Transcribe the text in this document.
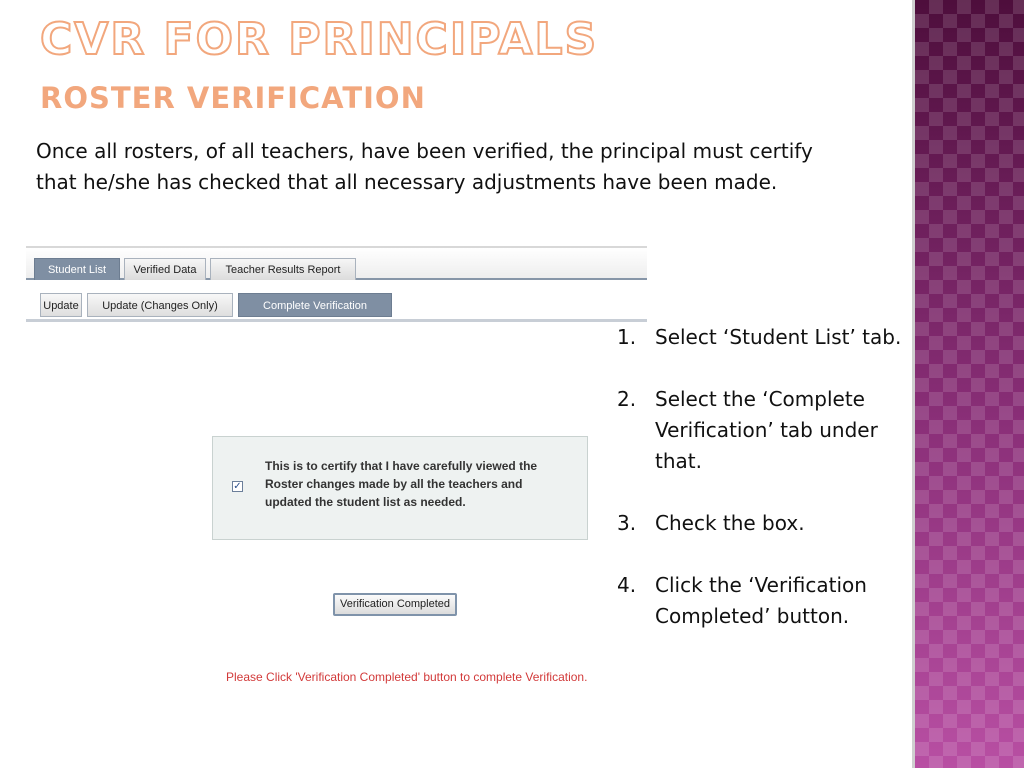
CVR FOR PRINCIPALS
ROSTER VERIFICATION
Once all rosters, of all teachers, have been verified, the principal must certify that he/she has checked that all necessary adjustments have been made.
Student List	Verified Data	Teacher Results Report
Update	Update (Changes Only)	Complete Verification
✓
This is to certify that I have carefully viewed the Roster changes made by all the teachers and updated the student list as needed.
Verification Completed
Please Click 'Verification Completed' button to complete Verification.
1. Select ‘Student List’ tab.
2. Select the ‘Complete Verification’ tab under that.
3. Check the box.
4. Click the ‘Verification Completed’ button.
